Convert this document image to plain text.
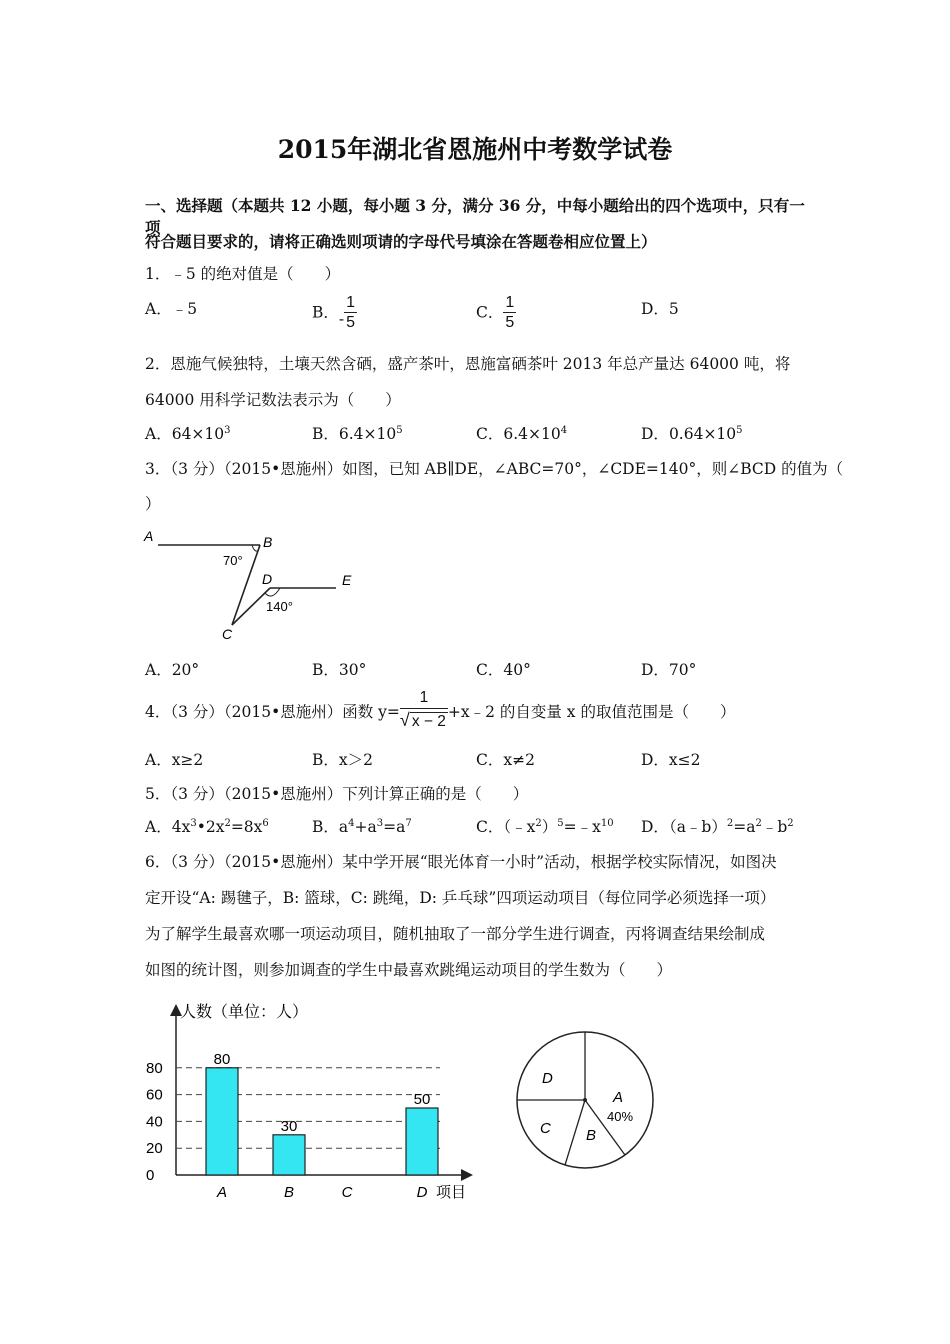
2015年湖北省恩施州中考数学试卷
一、选择题（本题共 12 小题，每小题 3 分，满分 36 分，中每小题给出的四个选项中，只有一项
符合题目要求的，请将正确选则项请的字母代号填涂在答题卷相应位置上）
1．﹣5 的绝对值是（　　）
A．﹣5	B．- $\frac{1}{5}$	C． $\frac{1}{5}$	D．5
2．恩施气候独特，土壤天然含硒，盛产茶叶，恩施富硒茶叶 2013 年总产量达 64000 吨，将
64000 用科学记数法表示为（　　）
A．$64\times 10^3$	B．$6.4\times 10^5$	C．$6.4\times 10^4$	D．$0.64\times 10^5$
3．（3 分）（2015•恩施州）如图，已知 AB∥DE，∠ABC=70°，∠CDE=140°，则∠BCD 的值为（
）
A	B
C
D	E
70°
140°
A．20°	B．30°	C．40°	D．70°
4．（3 分）（2015•恩施州）函数 $y= \frac{1}{√ x - 2}$ +x﹣2 的自变量 x 的取值范围是（　　）
A．x≥2	B．x＞2	C．x≠2	D．x≤2
5．（3 分）（2015•恩施州）下列计算正确的是（　　）
A．$4x^3•2x^2=8x^6$	B．$a^4+a^3=a^7$	C．$(﹣x^2)^5=﹣x^{10}$ D．$(a﹣b)^2=a^2﹣b^2$
6．（3 分）（2015•恩施州）某中学开展“眼光体育一小时”活动，根据学校实际情况，如图决
定开设“A: 踢毽子，B: 篮球，C: 跳绳，D: 乒乓球”四项运动项目（每位同学必须选择一项）
为了解学生最喜欢哪一项运动项目，随机抽取了一部分学生进行调查，丙将调查结果绘制成
如图的统计图，则参加调查的学生中最喜欢跳绳运动项目的学生数为（　　）
人数（单位：人）
项目
0
20
40
60
80
80
A
30
B	C
50
D
D
A
40%
C B
